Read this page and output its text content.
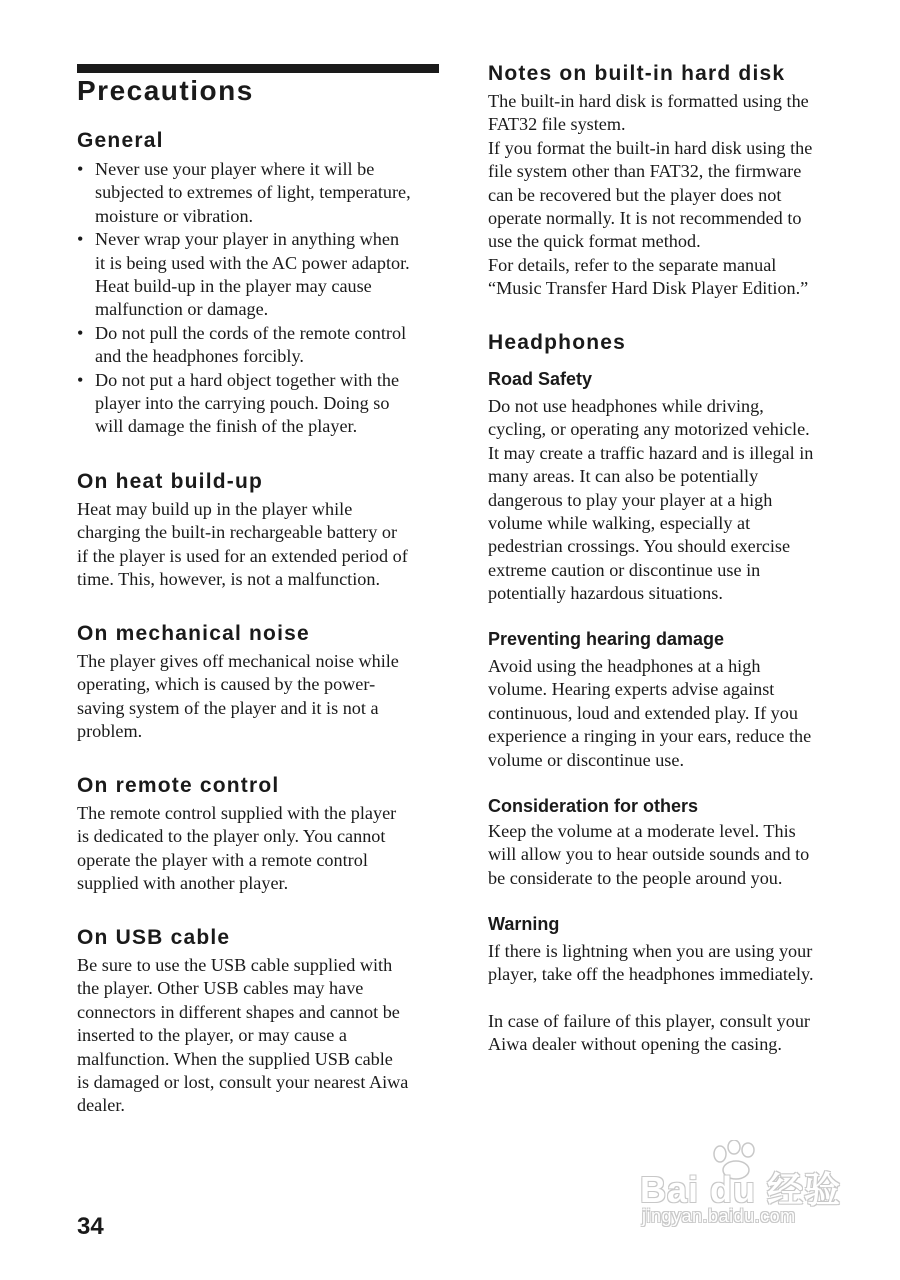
Precautions
General
• Never use your player where it will be
subjected to extremes of light, temperature,
moisture or vibration.
• Never wrap your player in anything when
it is being used with the AC power adaptor.
Heat build-up in the player may cause
malfunction or damage.
• Do not pull the cords of the remote control
and the headphones forcibly.
• Do not put a hard object together with the
player into the carrying pouch. Doing so
will damage the finish of the player.
On heat build-up

Heat may build up in the player while
charging the built-in rechargeable battery or
if the player is used for an extended period of
time. This, however, is not a malfunction.

On mechanical noise

The player gives off mechanical noise while
operating, which is caused by the power-
saving system of the player and it is not a
problem.

On remote control

The remote control supplied with the player
is dedicated to the player only. You cannot
operate the player with a remote control
supplied with another player.

On USB cable

Be sure to use the USB cable supplied with
the player. Other USB cables may have
connectors in different shapes and cannot be
inserted to the player, or may cause a
malfunction. When the supplied USB cable
is damaged or lost, consult your nearest Aiwa
dealer.

Notes on built-in hard disk

The built-in hard disk is formatted using the
FAT32 file system.
If you format the built-in hard disk using the
file system other than FAT32, the firmware
can be recovered but the player does not
operate normally. It is not recommended to
use the quick format method.
For details, refer to the separate manual
“Music Transfer Hard Disk Player Edition.”

Headphones
Road Safety

Do not use headphones while driving,
cycling, or operating any motorized vehicle.
It may create a traffic hazard and is illegal in
many areas. It can also be potentially
dangerous to play your player at a high
volume while walking, especially at
pedestrian crossings. You should exercise
extreme caution or discontinue use in
potentially hazardous situations.

Preventing hearing damage

Avoid using the headphones at a high
volume. Hearing experts advise against
continuous, loud and extended play. If you
experience a ringing in your ears, reduce the
volume or discontinue use.

Consideration for others

Keep the volume at a moderate level. This
will allow you to hear outside sounds and to
be considerate to the people around you.

Warning

If there is lightning when you are using your
player, take off the headphones immediately.

In case of failure of this player, consult your
Aiwa dealer without opening the casing.

34

Bai du 经验

jingyan.baidu.com
